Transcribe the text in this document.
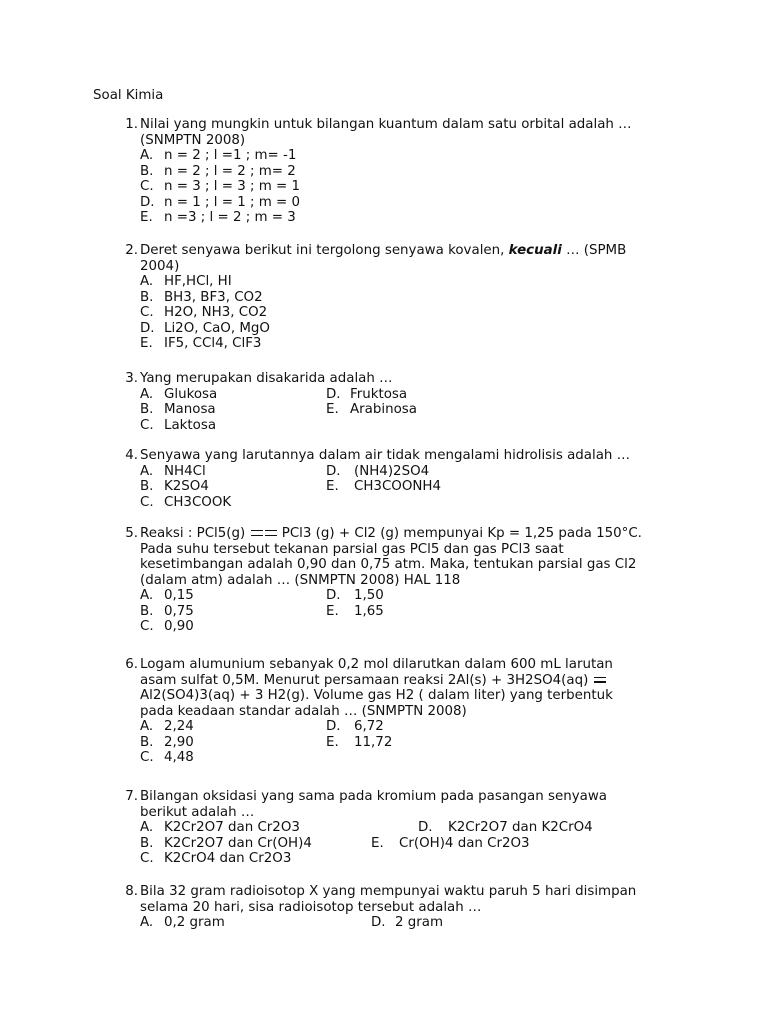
Soal Kimia
1. Nilai yang mungkin untuk bilangan kuantum dalam satu orbital adalah …
(SNMPTN 2008)
A. n = 2 ; l =1 ; m= -1
B. n = 2 ; l = 2 ; m= 2
C. n = 3 ; l = 3 ; m = 1
D. n = 1 ; l = 1 ; m = 0
E. n =3 ; l = 2 ; m = 3
2. Deret senyawa berikut ini tergolong senyawa kovalen, kecuali … (SPMB
2004)
A. HF,HCl, HI
B. BH3, BF3, CO2
C. H2O, NH3, CO2
D. Li2O, CaO, MgO
E. IF5, CCl4, ClF3
3. Yang merupakan disakarida adalah …
A. Glukosa	D. Fruktosa
B. Manosa	E. Arabinosa
C. Laktosa
4. Senyawa yang larutannya dalam air tidak mengalami hidrolisis adalah …
A. NH4Cl	D. (NH4)2SO4
B. K2SO4	E. CH3COONH4
C. CH3COOK
5. Reaksi : PCl5(g)  PCl3 (g) + Cl2 (g) mempunyai Kp = 1,25 pada 150°C.
Pada suhu tersebut tekanan parsial gas PCl5 dan gas PCl3 saat
kesetimbangan adalah 0,90 dan 0,75 atm. Maka, tentukan parsial gas Cl2
(dalam atm) adalah … (SNMPTN 2008) HAL 118
A. 0,15	D. 1,50
B. 0,75	E. 1,65
C. 0,90
6. Logam alumunium sebanyak 0,2 mol dilarutkan dalam 600 mL larutan
asam sulfat 0,5M. Menurut persamaan reaksi 2Al(s) + 3H2SO4(aq)
Al2(SO4)3(aq) + 3 H2(g). Volume gas H2 ( dalam liter) yang terbentuk
pada keadaan standar adalah … (SNMPTN 2008)
A. 2,24	D. 6,72
B. 2,90	E. 11,72
C. 4,48
7. Bilangan oksidasi yang sama pada kromium pada pasangan senyawa
berikut adalah …
A. K2Cr2O7 dan Cr2O3	D. K2Cr2O7 dan K2CrO4
B. K2Cr2O7 dan Cr(OH)4	E. Cr(OH)4 dan Cr2O3
C. K2CrO4 dan Cr2O3
8. Bila 32 gram radioisotop X yang mempunyai waktu paruh 5 hari disimpan
selama 20 hari, sisa radioisotop tersebut adalah …
A. 0,2 gram	D. 2 gram
